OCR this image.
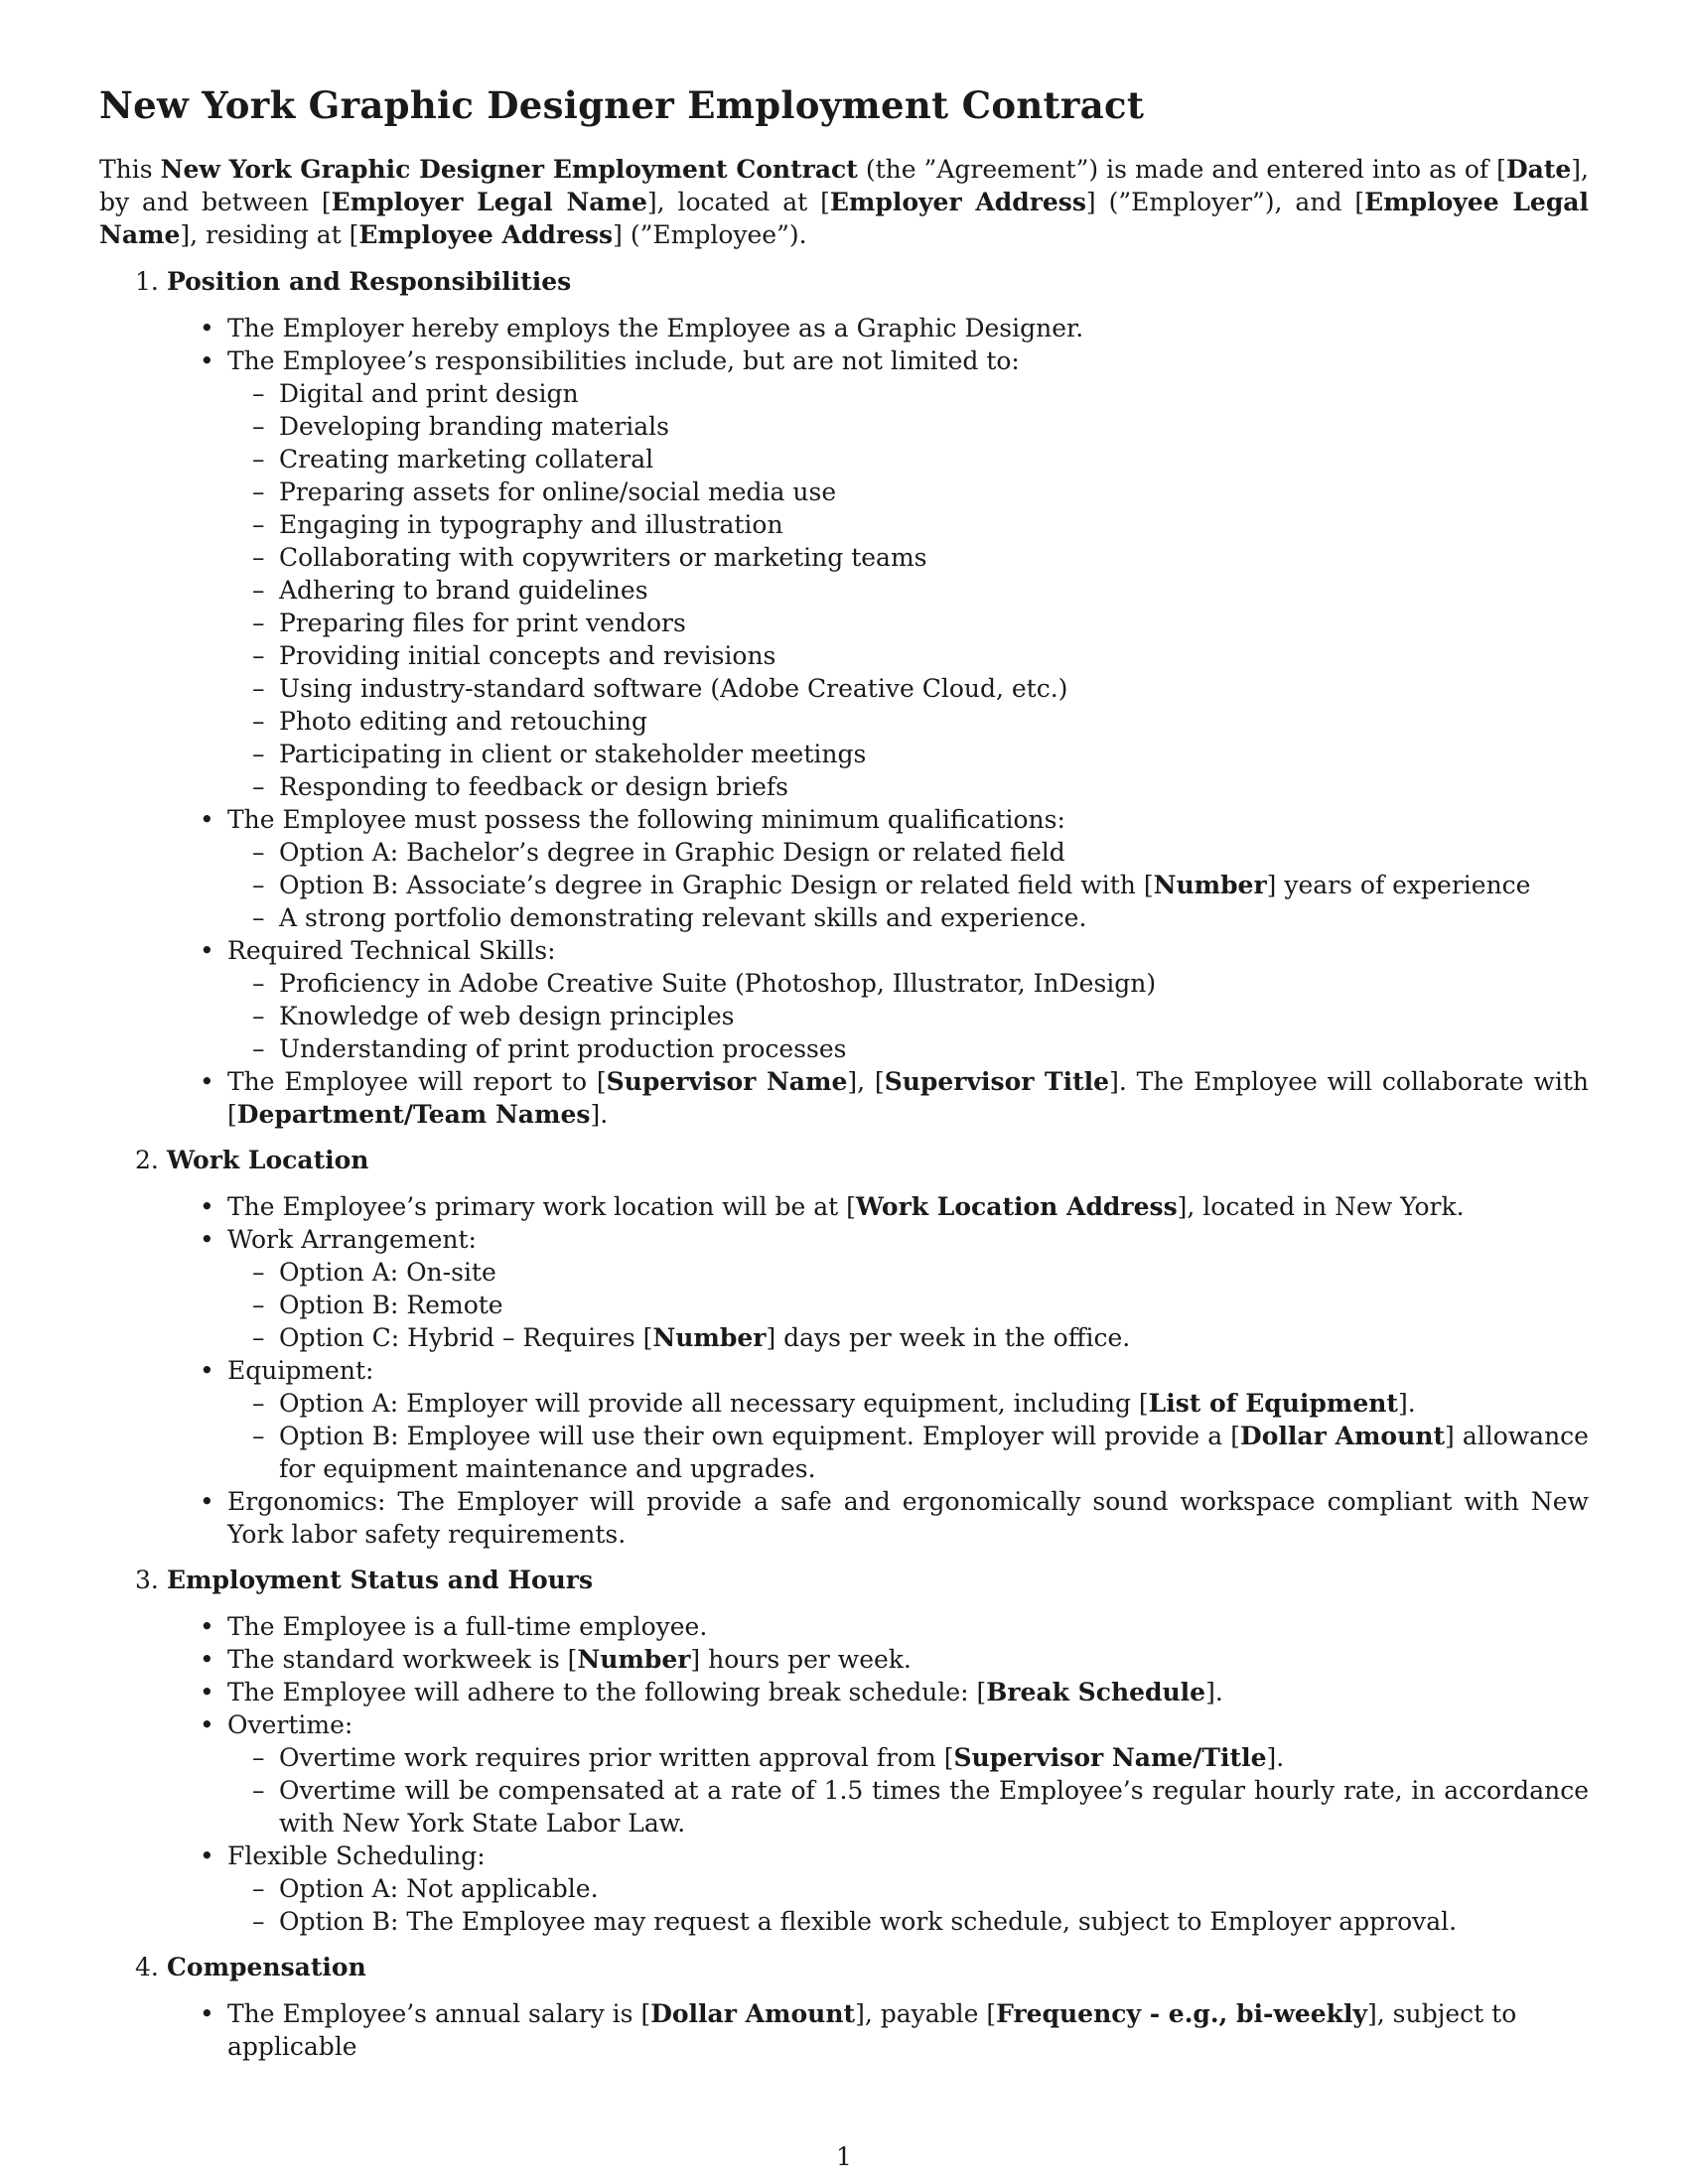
New York Graphic Designer Employment Contract

This New York Graphic Designer Employment Contract (the ”Agreement”) is made and entered into as of [Date], by and between [Employer Legal Name], located at [Employer Address] (”Employer”), and [Employee Legal Name], residing at [Employee Address] (”Employee”).

1. Position and Responsibilities
• The Employer hereby employs the Employee as a Graphic Designer.
• The Employee’s responsibilities include, but are not limited to:
– Digital and print design
– Developing branding materials
– Creating marketing collateral
– Preparing assets for online/social media use
– Engaging in typography and illustration
– Collaborating with copywriters or marketing teams
– Adhering to brand guidelines
– Preparing files for print vendors
– Providing initial concepts and revisions
– Using industry-standard software (Adobe Creative Cloud, etc.)
– Photo editing and retouching
– Participating in client or stakeholder meetings
– Responding to feedback or design briefs
• The Employee must possess the following minimum qualifications:
– Option A: Bachelor’s degree in Graphic Design or related field
– Option B: Associate’s degree in Graphic Design or related field with [Number] years of experience
– A strong portfolio demonstrating relevant skills and experience.
• Required Technical Skills:
– Proficiency in Adobe Creative Suite (Photoshop, Illustrator, InDesign)
– Knowledge of web design principles
– Understanding of print production processes
• The Employee will report to [Supervisor Name], [Supervisor Title]. The Employee will collaborate with [Department/Team Names].
2. Work Location
• The Employee’s primary work location will be at [Work Location Address], located in New York.
• Work Arrangement:
– Option A: On-site
– Option B: Remote
– Option C: Hybrid – Requires [Number] days per week in the office.
• Equipment:
– Option A: Employer will provide all necessary equipment, including [List of Equipment].
– Option B: Employee will use their own equipment. Employer will provide a [Dollar Amount] allowance for equipment maintenance and upgrades.
• Ergonomics: The Employer will provide a safe and ergonomically sound workspace compliant with New York labor safety requirements.
3. Employment Status and Hours
• The Employee is a full-time employee.
• The standard workweek is [Number] hours per week.
• The Employee will adhere to the following break schedule: [Break Schedule].
• Overtime:
– Overtime work requires prior written approval from [Supervisor Name/Title].
– Overtime will be compensated at a rate of 1.5 times the Employee’s regular hourly rate, in accordance with New York State Labor Law.
• Flexible Scheduling:
– Option A: Not applicable.
– Option B: The Employee may request a flexible work schedule, subject to Employer approval.
4. Compensation
• The Employee’s annual salary is [Dollar Amount], payable [Frequency - e.g., bi-weekly], subject to applicable
1
